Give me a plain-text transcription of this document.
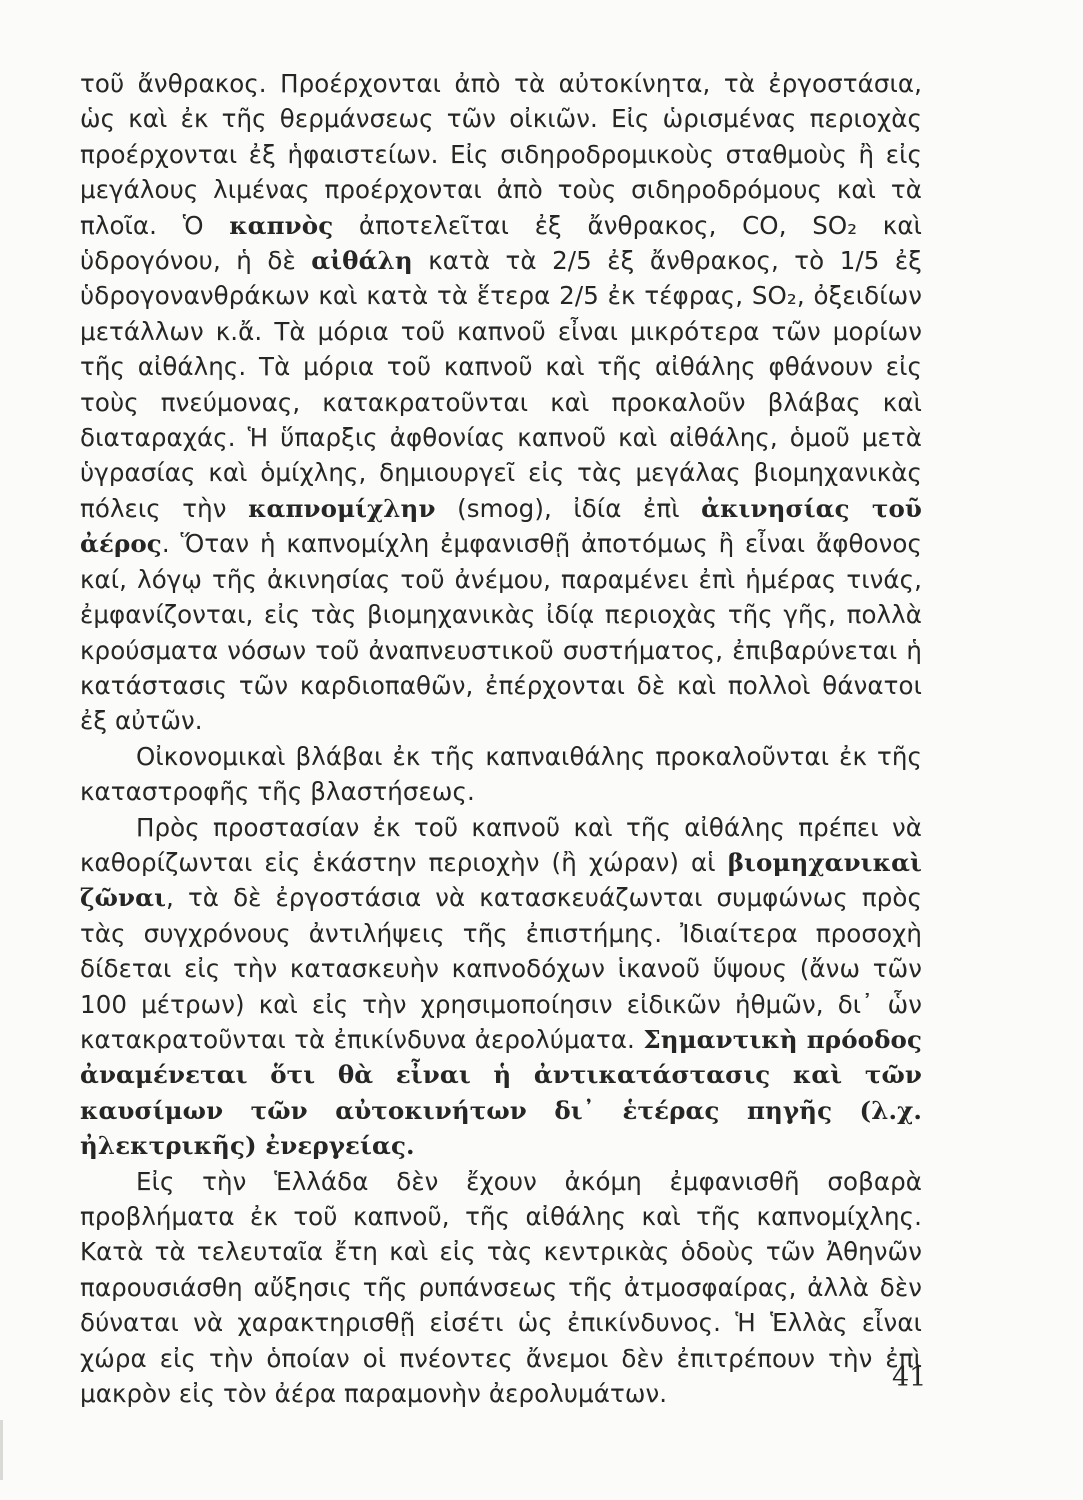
τοῦ ἄνθρακος. Προέρχονται ἀπὸ τὰ αὐτοκίνητα, τὰ ἐργοστάσια, ὡς καὶ ἐκ τῆς θερμάνσεως τῶν οἰκιῶν. Εἰς ὡρισμένας περιοχὰς προέρχονται ἐξ ἡφαιστείων. Εἰς σιδηροδρομικοὺς σταθμοὺς ἢ εἰς μεγάλους λιμένας προέρχονται ἀπὸ τοὺς σιδηροδρόμους καὶ τὰ πλοῖα. Ὁ καπνὸς ἀποτελεῖται ἐξ ἄνθρακος, CO, SO₂ καὶ ὑδρογόνου, ἡ δὲ αἰθάλη κατὰ τὰ 2/5 ἐξ ἄνθρακος, τὸ 1/5 ἐξ ὑδρογονανθράκων καὶ κατὰ τὰ ἕτερα 2/5 ἐκ τέφρας, SO₂, ὀξειδίων μετάλλων κ.ἄ. Τὰ μόρια τοῦ καπνοῦ εἶναι μικρότερα τῶν μορίων τῆς αἰθάλης. Τὰ μόρια τοῦ καπνοῦ καὶ τῆς αἰθάλης φθάνουν εἰς τοὺς πνεύμονας, κατακρατοῦνται καὶ προκαλοῦν βλάβας καὶ διαταραχάς. Ἡ ὕπαρξις ἀφθονίας καπνοῦ καὶ αἰθάλης, ὁμοῦ μετὰ ὑγρασίας καὶ ὁμίχλης, δημιουργεῖ εἰς τὰς μεγάλας βιομηχανικὰς πόλεις τὴν καπνομίχλην (smog), ἰδία ἐπὶ ἀκινησίας τοῦ ἀέρος. Ὅταν ἡ καπνομίχλη ἐμφανισθῇ ἀποτόμως ἢ εἶναι ἄφθονος καί, λόγῳ τῆς ἀκινησίας τοῦ ἀνέμου, παραμένει ἐπὶ ἡμέρας τινάς, ἐμφανίζονται, εἰς τὰς βιομηχανικὰς ἰδίᾳ περιοχὰς τῆς γῆς, πολλὰ κρούσματα νόσων τοῦ ἀναπνευστικοῦ συστήματος, ἐπιβαρύνεται ἡ κατάστασις τῶν καρδιοπαθῶν, ἐπέρχονται δὲ καὶ πολλοὶ θάνατοι ἐξ αὐτῶν.

Οἰκονομικαὶ βλάβαι ἐκ τῆς καπναιθάλης προκαλοῦνται ἐκ τῆς καταστροφῆς τῆς βλαστήσεως.

Πρὸς προστασίαν ἐκ τοῦ καπνοῦ καὶ τῆς αἰθάλης πρέπει νὰ καθορίζωνται εἰς ἑκάστην περιοχὴν (ἢ χώραν) αἱ βιομηχανικαὶ ζῶναι, τὰ δὲ ἐργοστάσια νὰ κατασκευάζωνται συμφώνως πρὸς τὰς συγχρόνους ἀντιλήψεις τῆς ἐπιστήμης. Ἰδιαίτερα προσοχὴ δίδεται εἰς τὴν κατασκευὴν καπνοδόχων ἱκανοῦ ὕψους (ἄνω τῶν 100 μέτρων) καὶ εἰς τὴν χρησιμοποίησιν εἰδικῶν ἠθμῶν, δι᾿ ὧν κατακρατοῦνται τὰ ἐπικίνδυνα ἀερολύματα. Σημαντικὴ πρόοδος ἀναμένεται ὅτι θὰ εἶναι ἡ ἀντικατάστασις καὶ τῶν καυσίμων τῶν αὐτοκινήτων δι᾿ ἑτέρας πηγῆς (λ.χ. ἠλεκτρικῆς) ἐνεργείας.

Εἰς τὴν Ἑλλάδα δὲν ἔχουν ἀκόμη ἐμφανισθῆ σοβαρὰ προβλήματα ἐκ τοῦ καπνοῦ, τῆς αἰθάλης καὶ τῆς καπνομίχλης. Κατὰ τὰ τελευταῖα ἔτη καὶ εἰς τὰς κεντρικὰς ὁδοὺς τῶν Ἀθηνῶν παρουσιάσθη αὔξησις τῆς ρυπάνσεως τῆς ἀτμοσφαίρας, ἀλλὰ δὲν δύναται νὰ χαρακτηρισθῇ εἰσέτι ὡς ἐπικίνδυνος. Ἡ Ἑλλὰς εἶναι χώρα εἰς τὴν ὁποίαν οἱ πνέοντες ἄνεμοι δὲν ἐπιτρέπουν τὴν ἐπὶ μακρὸν εἰς τὸν ἀέρα παραμονὴν ἀερολυμάτων.

41
